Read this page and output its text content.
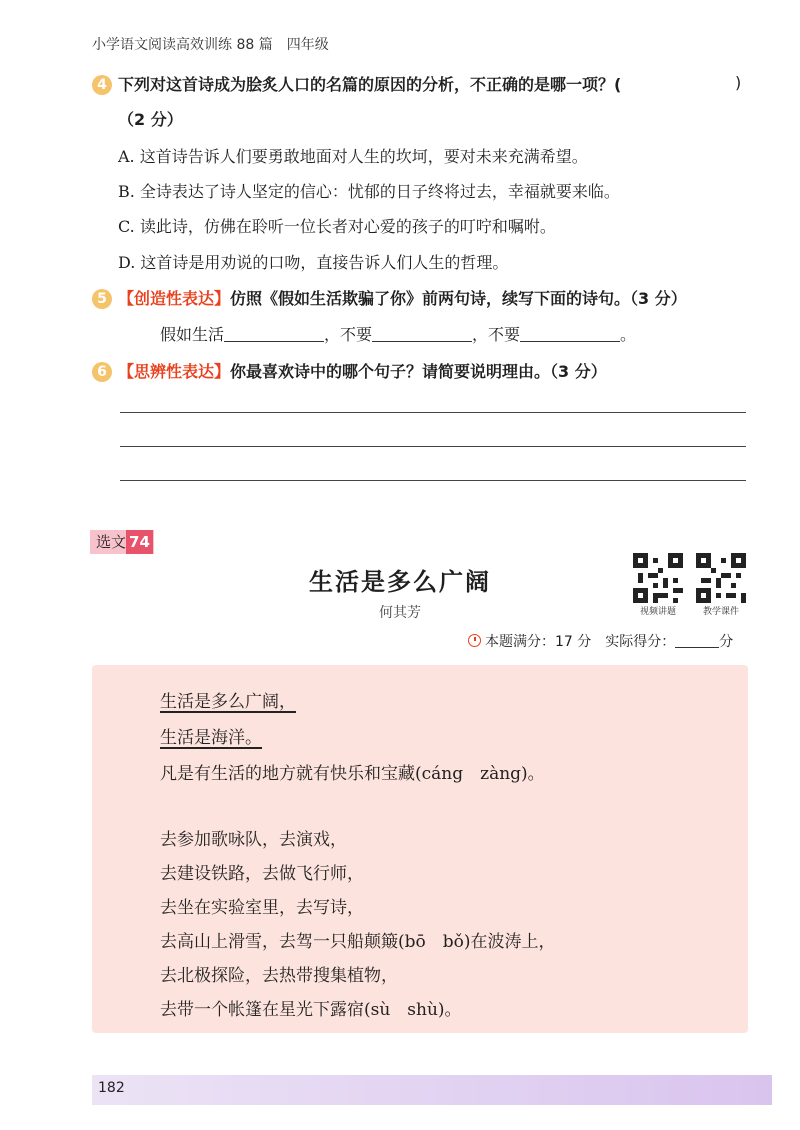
小学语文阅读高效训练 88 篇　四年级
4 下列对这首诗成为脍炙人口的名篇的原因的分析，不正确的是哪一项？(	)
（2 分）
A. 这首诗告诉人们要勇敢地面对人生的坎坷，要对未来充满希望。
B. 全诗表达了诗人坚定的信心：忧郁的日子终将过去，幸福就要来临。
C. 读此诗，仿佛在聆听一位长者对心爱的孩子的叮咛和嘱咐。
D. 这首诗是用劝说的口吻，直接告诉人们人生的哲理。
5 【创造性表达】仿照《假如生活欺骗了你》前两句诗，续写下面的诗句。（3 分）
假如生活	，不要	，不要	。
6 【思辨性表达】你最喜欢诗中的哪个句子？请简要说明理由。（3 分）
选文 74
生活是多么广阔
何其芳	视频讲题	教学课件
本题满分：17 分　实际得分：	分
生活是多么广阔，
生活是海洋。
凡是有生活的地方就有快乐和宝藏(cáng　zàng)。
去参加歌咏队，去演戏，
去建设铁路，去做飞行师，
去坐在实验室里，去写诗，
去高山上滑雪，去驾一只船颠簸(bō　bǒ)在波涛上，
去北极探险，去热带搜集植物，
去带一个帐篷在星光下露宿(sù　shù)。
182
